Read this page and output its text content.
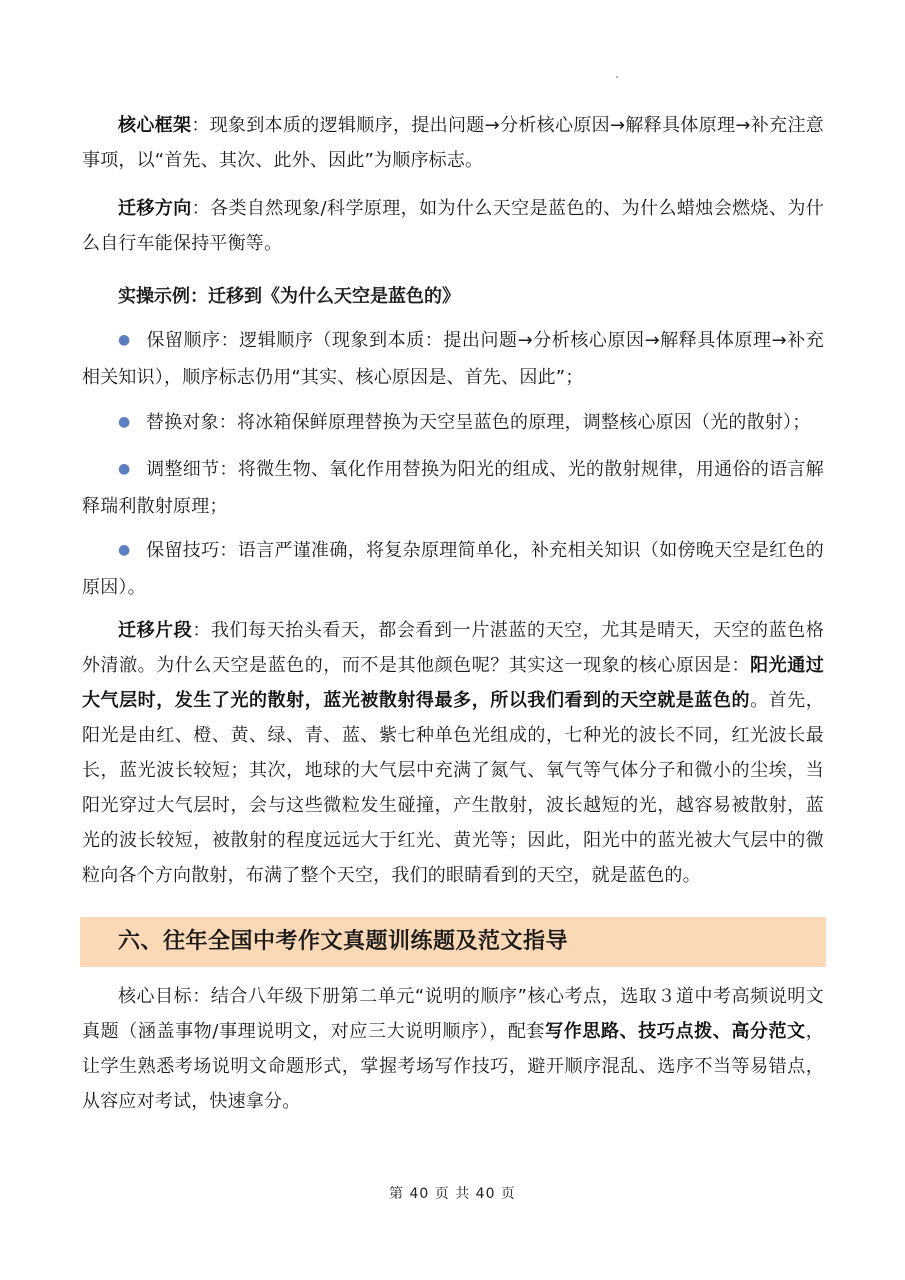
核心框架：现象到本质的逻辑顺序，提出问题→分析核心原因→解释具体原理→补充注意事项，以“首先、其次、此外、因此”为顺序标志。

迁移方向：各类自然现象/科学原理，如为什么天空是蓝色的、为什么蜡烛会燃烧、为什么自行车能保持平衡等。

实操示例：迁移到《为什么天空是蓝色的》

● 保留顺序：逻辑顺序（现象到本质：提出问题→分析核心原因→解释具体原理→补充相关知识），顺序标志仍用“其实、核心原因是、首先、因此”；

● 替换对象：将冰箱保鲜原理替换为天空呈蓝色的原理，调整核心原因（光的散射）；

● 调整细节：将微生物、氧化作用替换为阳光的组成、光的散射规律，用通俗的语言解释瑞利散射原理；

● 保留技巧：语言严谨准确，将复杂原理简单化，补充相关知识（如傍晚天空是红色的原因）。

迁移片段：我们每天抬头看天，都会看到一片湛蓝的天空，尤其是晴天，天空的蓝色格外清澈。为什么天空是蓝色的，而不是其他颜色呢？其实这一现象的核心原因是：阳光通过大气层时，发生了光的散射，蓝光被散射得最多，所以我们看到的天空就是蓝色的。首先，阳光是由红、橙、黄、绿、青、蓝、紫七种单色光组成的，七种光的波长不同，红光波长最长，蓝光波长较短；其次，地球的大气层中充满了氮气、氧气等气体分子和微小的尘埃，当阳光穿过大气层时，会与这些微粒发生碰撞，产生散射，波长越短的光，越容易被散射，蓝光的波长较短，被散射的程度远远大于红光、黄光等；因此，阳光中的蓝光被大气层中的微粒向各个方向散射，布满了整个天空，我们的眼睛看到的天空，就是蓝色的。

六、往年全国中考作文真题训练题及范文指导

核心目标：结合八年级下册第二单元“说明的顺序”核心考点，选取３道中考高频说明文真题（涵盖事物/事理说明文，对应三大说明顺序），配套写作思路、技巧点拨、高分范文，让学生熟悉考场说明文命题形式，掌握考场写作技巧，避开顺序混乱、选序不当等易错点，从容应对考试，快速拿分。

第 40 页 共 40 页
